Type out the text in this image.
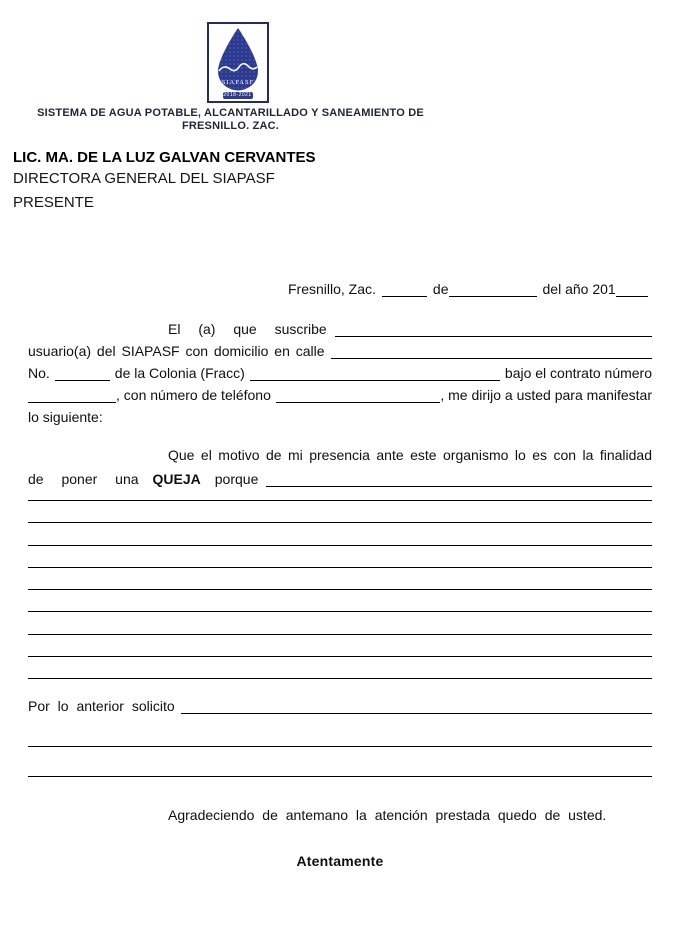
SIAPASF
2018-2021
SISTEMA DE AGUA POTABLE, ALCANTARILLADO Y SANEAMIENTO DE
FRESNILLO. ZAC.
LIC. MA. DE LA LUZ GALVAN CERVANTES
DIRECTORA GENERAL DEL SIAPASF
PRESENTE
Fresnillo, Zac.	de	del año 201
El (a) que suscribe
usuario(a) del SIAPASF con domicilio en calle
No.	de la Colonia (Fracc)	bajo el contrato número
, con número de teléfono	, me dirijo a usted para manifestar
lo siguiente:
Que el motivo de mi presencia ante este organismo lo es con la finalidad
de poner una QUEJA porque
Por lo anterior solicito
Agradeciendo de antemano la atención prestada quedo de usted.
Atentamente
